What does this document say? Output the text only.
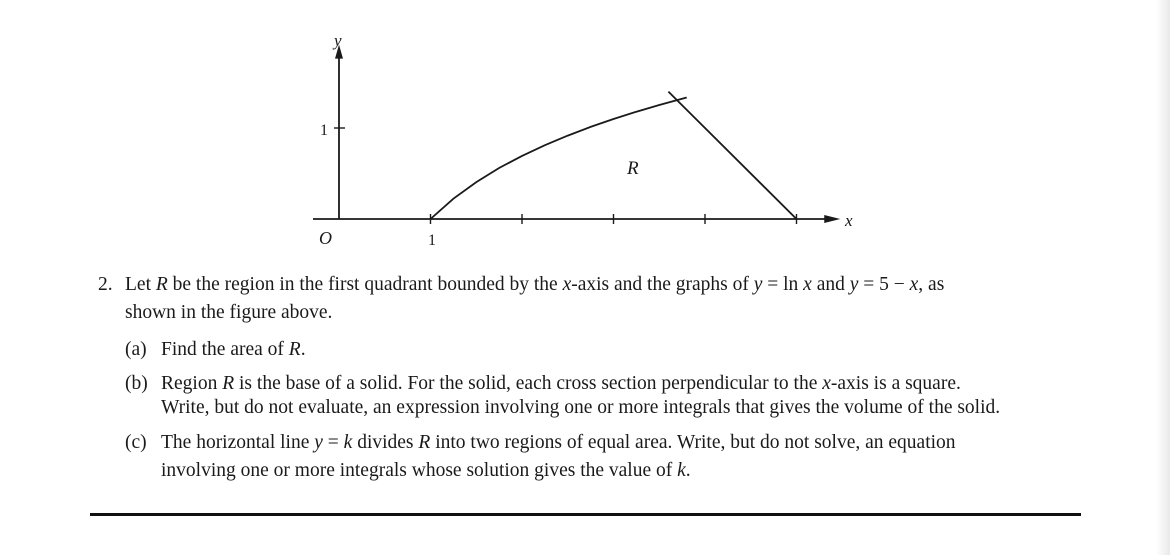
y
x
1
O	1
R
2. Let R be the region in the first quadrant bounded by the x-axis and the graphs of y = ln x and y = 5 − x, as
shown in the figure above.
(a) Find the area of R.
(b) Region R is the base of a solid. For the solid, each cross section perpendicular to the x-axis is a square.
Write, but do not evaluate, an expression involving one or more integrals that gives the volume of the solid.
(c) The horizontal line y = k divides R into two regions of equal area. Write, but do not solve, an equation
involving one or more integrals whose solution gives the value of k.
